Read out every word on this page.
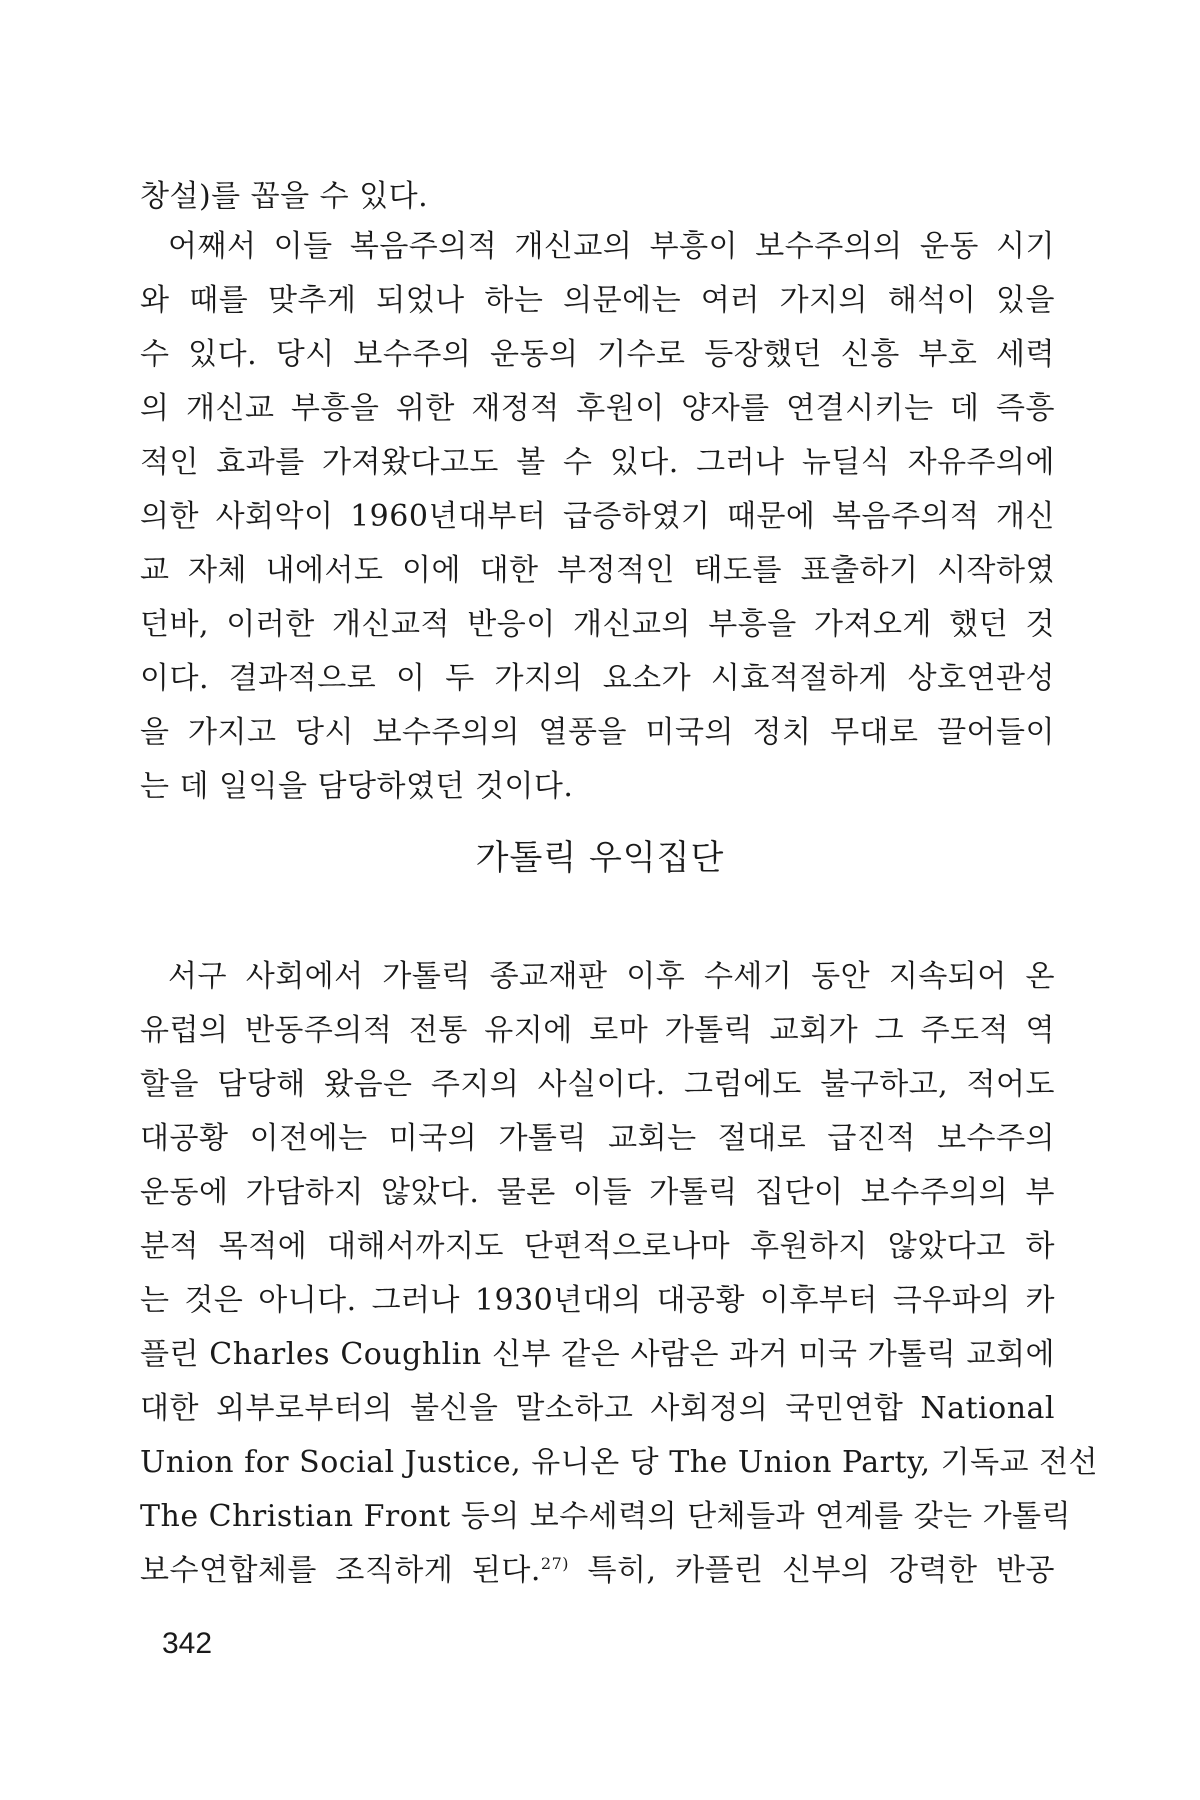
창설)를 꼽을 수 있다.
어째서 이들 복음주의적 개신교의 부흥이 보수주의의 운동 시기
와 때를 맞추게 되었나 하는 의문에는 여러 가지의 해석이 있을
수 있다. 당시 보수주의 운동의 기수로 등장했던 신흥 부호 세력
의 개신교 부흥을 위한 재정적 후원이 양자를 연결시키는 데 즉흥
적인 효과를 가져왔다고도 볼 수 있다. 그러나 뉴딜식 자유주의에
의한 사회악이 1960년대부터 급증하였기 때문에 복음주의적 개신
교 자체 내에서도 이에 대한 부정적인 태도를 표출하기 시작하였
던바, 이러한 개신교적 반응이 개신교의 부흥을 가져오게 했던 것
이다. 결과적으로 이 두 가지의 요소가 시효적절하게 상호연관성
을 가지고 당시 보수주의의 열풍을 미국의 정치 무대로 끌어들이
는 데 일익을 담당하였던 것이다.
가톨릭 우익집단
서구 사회에서 가톨릭 종교재판 이후 수세기 동안 지속되어 온
유럽의 반동주의적 전통 유지에 로마 가톨릭 교회가 그 주도적 역
할을 담당해 왔음은 주지의 사실이다. 그럼에도 불구하고, 적어도
대공황 이전에는 미국의 가톨릭 교회는 절대로 급진적 보수주의
운동에 가담하지 않았다. 물론 이들 가톨릭 집단이 보수주의의 부
분적 목적에 대해서까지도 단편적으로나마 후원하지 않았다고 하
는 것은 아니다. 그러나 1930년대의 대공황 이후부터 극우파의 카
플린 Charles Coughlin 신부 같은 사람은 과거 미국 가톨릭 교회에
대한 외부로부터의 불신을 말소하고 사회정의 국민연합 National
Union for Social Justice, 유니온 당 The Union Party, 기독교 전선
The Christian Front 등의 보수세력의 단체들과 연계를 갖는 가톨릭
보수연합체를 조직하게 된다.$^{27)}$ 특히, 카플린 신부의 강력한 반공
342
